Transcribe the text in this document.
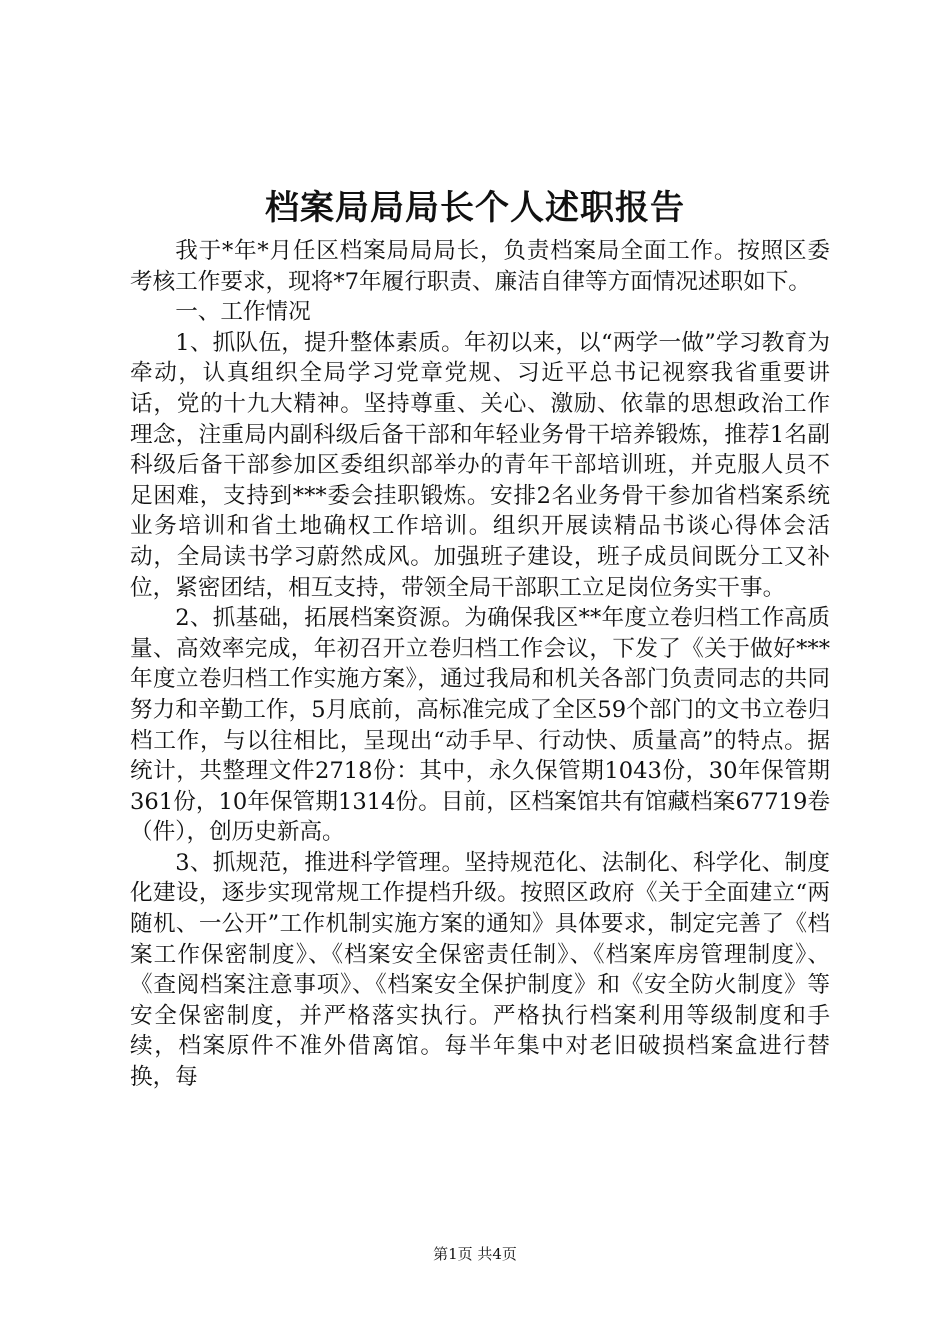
档案局局局长个人述职报告

我于*年*月任区档案局局局长，负责档案局全面工作。按照区委考核工作要求，现将*7年履行职责、廉洁自律等方面情况述职如下。

一、工作情况

1、抓队伍，提升整体素质。年初以来，以“两学一做”学习教育为牵动，认真组织全局学习党章党规、习近平总书记视察我省重要讲话，党的十九大精神。坚持尊重、关心、激励、依靠的思想政治工作理念，注重局内副科级后备干部和年轻业务骨干培养锻炼，推荐1名副科级后备干部参加区委组织部举办的青年干部培训班，并克服人员不足困难，支持到***委会挂职锻炼。安排2名业务骨干参加省档案系统业务培训和省土地确权工作培训。组织开展读精品书谈心得体会活动，全局读书学习蔚然成风。加强班子建设，班子成员间既分工又补位，紧密团结，相互支持，带领全局干部职工立足岗位务实干事。

2、抓基础，拓展档案资源。为确保我区**年度立卷归档工作高质量、高效率完成，年初召开立卷归档工作会议，下发了《关于做好***年度立卷归档工作实施方案》，通过我局和机关各部门负责同志的共同努力和辛勤工作，5月底前，高标准完成了全区59个部门的文书立卷归档工作，与以往相比，呈现出“动手早、行动快、质量高”的特点。据统计，共整理文件2718份：其中，永久保管期1043份，30年保管期361份，10年保管期1314份。目前，区档案馆共有馆藏档案67719卷（件），创历史新高。

3、抓规范，推进科学管理。坚持规范化、法制化、科学化、制度化建设，逐步实现常规工作提档升级。按照区政府《关于全面建立“两随机、一公开”工作机制实施方案的通知》具体要求，制定完善了《档案工作保密制度》、《档案安全保密责任制》、《档案库房管理制度》、《查阅档案注意事项》、《档案安全保护制度》和《安全防火制度》等安全保密制度，并严格落实执行。严格执行档案利用等级制度和手续，档案原件不准外借离馆。每半年集中对老旧破损档案盒进行替换，每

第1页 共4页
